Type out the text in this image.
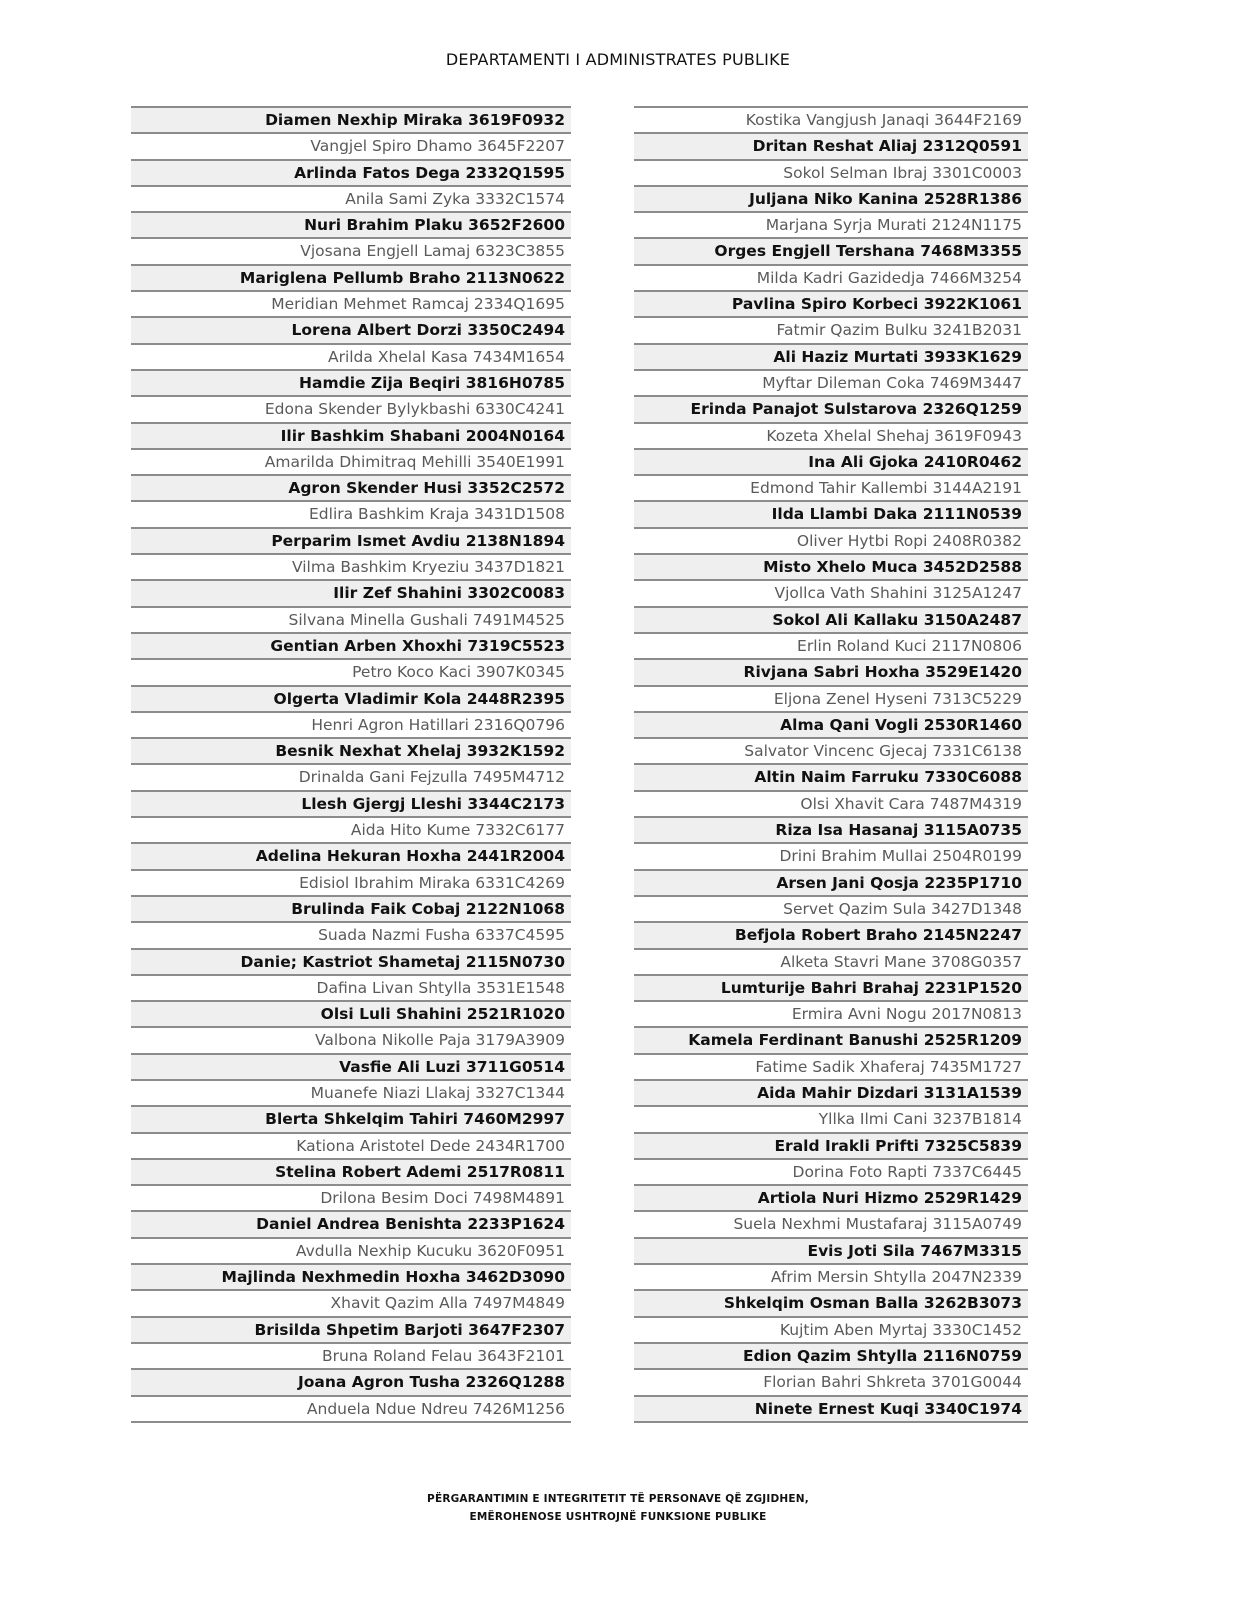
DEPARTAMENTI I ADMINISTRATES PUBLIKE
Diamen Nexhip Miraka 3619F0932
Vangjel Spiro Dhamo 3645F2207
Arlinda Fatos Dega 2332Q1595
Anila Sami Zyka 3332C1574
Nuri Brahim Plaku 3652F2600
Vjosana Engjell Lamaj 6323C3855
Mariglena Pellumb Braho 2113N0622
Meridian Mehmet Ramcaj 2334Q1695
Lorena Albert Dorzi 3350C2494
Arilda Xhelal Kasa 7434M1654
Hamdie Zija Beqiri 3816H0785
Edona Skender Bylykbashi 6330C4241
Ilir Bashkim Shabani 2004N0164
Amarilda Dhimitraq Mehilli 3540E1991
Agron Skender Husi 3352C2572
Edlira Bashkim Kraja 3431D1508
Perparim Ismet Avdiu 2138N1894
Vilma Bashkim Kryeziu 3437D1821
Ilir Zef Shahini 3302C0083
Silvana Minella Gushali 7491M4525
Gentian Arben Xhoxhi 7319C5523
Petro Koco Kaci 3907K0345
Olgerta Vladimir Kola 2448R2395
Henri Agron Hatillari 2316Q0796
Besnik Nexhat Xhelaj 3932K1592
Drinalda Gani Fejzulla 7495M4712
Llesh Gjergj Lleshi 3344C2173
Aida Hito Kume 7332C6177
Adelina Hekuran Hoxha 2441R2004
Edisiol Ibrahim Miraka 6331C4269
Brulinda Faik Cobaj 2122N1068
Suada Nazmi Fusha 6337C4595
Danie; Kastriot Shametaj 2115N0730
Dafina Livan Shtylla 3531E1548
Olsi Luli Shahini 2521R1020
Valbona Nikolle Paja 3179A3909
Vasfie Ali Luzi 3711G0514
Muanefe Niazi Llakaj 3327C1344
Blerta Shkelqim Tahiri 7460M2997
Kationa Aristotel Dede 2434R1700
Stelina Robert Ademi 2517R0811
Drilona Besim Doci 7498M4891
Daniel Andrea Benishta 2233P1624
Avdulla Nexhip Kucuku 3620F0951
Majlinda Nexhmedin Hoxha 3462D3090
Xhavit Qazim Alla 7497M4849
Brisilda Shpetim Barjoti 3647F2307
Bruna Roland Felau 3643F2101
Joana Agron Tusha 2326Q1288
Anduela Ndue Ndreu 7426M1256
Kostika Vangjush Janaqi 3644F2169
Dritan Reshat Aliaj 2312Q0591
Sokol Selman Ibraj 3301C0003
Juljana Niko Kanina 2528R1386
Marjana Syrja Murati 2124N1175
Orges Engjell Tershana 7468M3355
Milda Kadri Gazidedja 7466M3254
Pavlina Spiro Korbeci 3922K1061
Fatmir Qazim Bulku 3241B2031
Ali Haziz Murtati 3933K1629
Myftar Dileman Coka 7469M3447
Erinda Panajot Sulstarova 2326Q1259
Kozeta Xhelal Shehaj 3619F0943
Ina Ali Gjoka 2410R0462
Edmond Tahir Kallembi 3144A2191
Ilda Llambi Daka 2111N0539
Oliver Hytbi Ropi 2408R0382
Misto Xhelo Muca 3452D2588
Vjollca Vath Shahini 3125A1247
Sokol Ali Kallaku 3150A2487
Erlin Roland Kuci 2117N0806
Rivjana Sabri Hoxha 3529E1420
Eljona Zenel Hyseni 7313C5229
Alma Qani Vogli 2530R1460
Salvator Vincenc Gjecaj 7331C6138
Altin Naim Farruku 7330C6088
Olsi Xhavit Cara 7487M4319
Riza Isa Hasanaj 3115A0735
Drini Brahim Mullai 2504R0199
Arsen Jani Qosja 2235P1710
Servet Qazim Sula 3427D1348
Befjola Robert Braho 2145N2247
Alketa Stavri Mane 3708G0357
Lumturije Bahri Brahaj 2231P1520
Ermira Avni Nogu 2017N0813
Kamela Ferdinant Banushi 2525R1209
Fatime Sadik Xhaferaj 7435M1727
Aida Mahir Dizdari 3131A1539
Yllka Ilmi Cani 3237B1814
Erald Irakli Prifti 7325C5839
Dorina Foto Rapti 7337C6445
Artiola Nuri Hizmo 2529R1429
Suela Nexhmi Mustafaraj 3115A0749
Evis Joti Sila 7467M3315
Afrim Mersin Shtylla 2047N2339
Shkelqim Osman Balla 3262B3073
Kujtim Aben Myrtaj 3330C1452
Edion Qazim Shtylla 2116N0759
Florian Bahri Shkreta 3701G0044
Ninete Ernest Kuqi 3340C1974
PËRGARANTIMIN E INTEGRITETIT TË PERSONAVE QË ZGJIDHEN,
EMËROHENOSE USHTROJNË FUNKSIONE PUBLIKE
